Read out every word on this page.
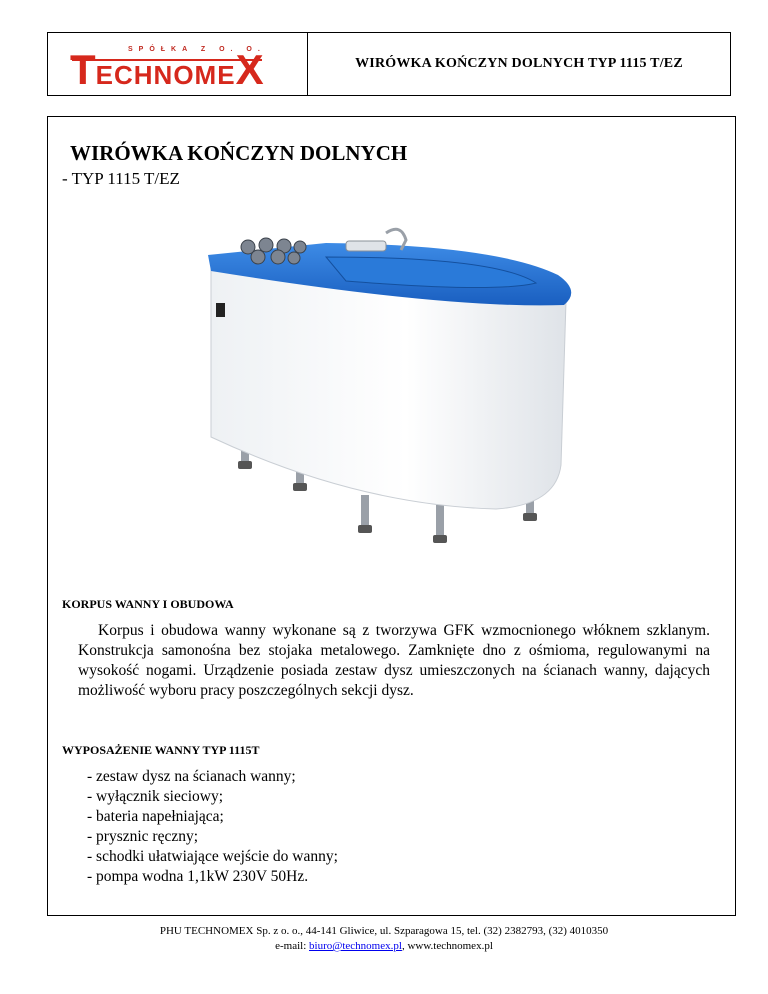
SPÓŁKA Z O. O.
TECHNOMEX	WIRÓWKA KOŃCZYN DOLNYCH TYP 1115 T/EZ
WIRÓWKA KOŃCZYN DOLNYCH
- TYP 1115 T/EZ
KORPUS WANNY I OBUDOWA

Korpus i obudowa wanny wykonane są z tworzywa GFK wzmocnionego włóknem szklanym. Konstrukcja samonośna bez stojaka metalowego. Zamknięte dno z ośmioma, regulowanymi na wysokość nogami. Urządzenie posiada zestaw dysz umieszczonych na ścianach wanny, dających możliwość wyboru pracy poszczególnych sekcji dysz.

WYPOSAŻENIE WANNY TYP 1115T
- zestaw dysz na ścianach wanny;
- wyłącznik sieciowy;
- bateria napełniająca;
- prysznic ręczny;
- schodki ułatwiające wejście do wanny;
- pompa wodna 1,1kW 230V 50Hz.
PHU TECHNOMEX Sp. z o. o., 44-141 Gliwice, ul. Szparagowa 15, tel. (32) 2382793, (32) 4010350
e-mail: biuro@technomex.pl, www.technomex.pl
